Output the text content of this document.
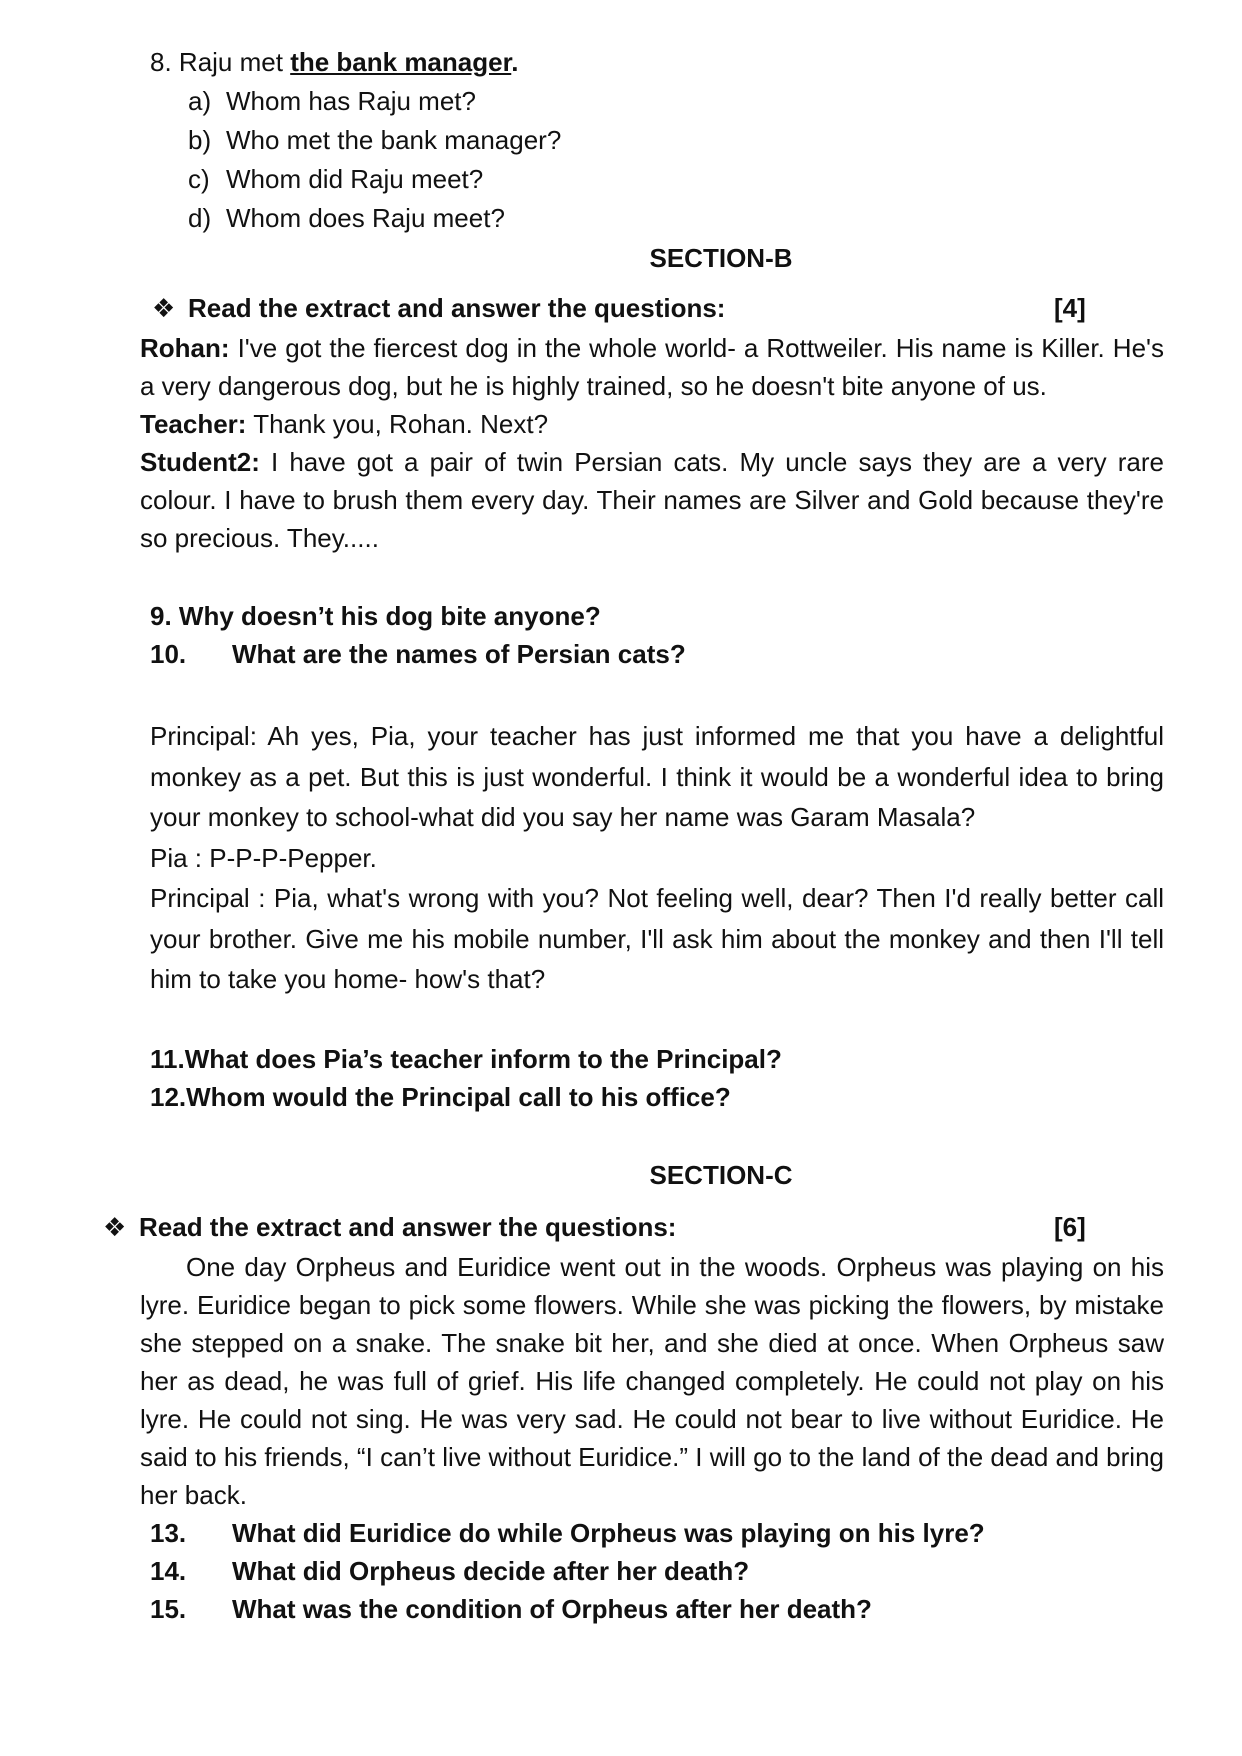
8. Raju met the bank manager.
a) Whom has Raju met?
b) Who met the bank manager?
c) Whom did Raju meet?
d) Whom does Raju meet?
SECTION-B
❖ Read the extract and answer the questions:	[4]

Rohan: I've got the fiercest dog in the whole world- a Rottweiler. His name is Killer. He's a very dangerous dog, but he is highly trained, so he doesn't bite anyone of us.

Teacher: Thank you, Rohan. Next?

Student2: I have got a pair of twin Persian cats. My uncle says they are a very rare colour. I have to brush them every day. Their names are Silver and Gold because they're so precious. They.....

9. Why doesn’t his dog bite anyone?
10. What are the names of Persian cats?

Principal: Ah yes, Pia, your teacher has just informed me that you have a delightful monkey as a pet. But this is just wonderful. I think it would be a wonderful idea to bring your monkey to school-what did you say her name was Garam Masala?

Pia : P-P-P-Pepper.

Principal : Pia, what's wrong with you? Not feeling well, dear? Then I'd really better call your brother. Give me his mobile number, I'll ask him about the monkey and then I'll tell him to take you home- how's that?

11.What does Pia’s teacher inform to the Principal?
12.Whom would the Principal call to his office?
SECTION-C
❖ Read the extract and answer the questions:	[6]

One day Orpheus and Euridice went out in the woods. Orpheus was playing on his lyre. Euridice began to pick some flowers. While she was picking the flowers, by mistake she stepped on a snake. The snake bit her, and she died at once. When Orpheus saw her as dead, he was full of grief. His life changed completely. He could not play on his lyre. He could not sing. He was very sad. He could not bear to live without Euridice. He said to his friends, “I can’t live without Euridice.” I will go to the land of the dead and bring her back.

13. What did Euridice do while Orpheus was playing on his lyre?
14. What did Orpheus decide after her death?
15. What was the condition of Orpheus after her death?
